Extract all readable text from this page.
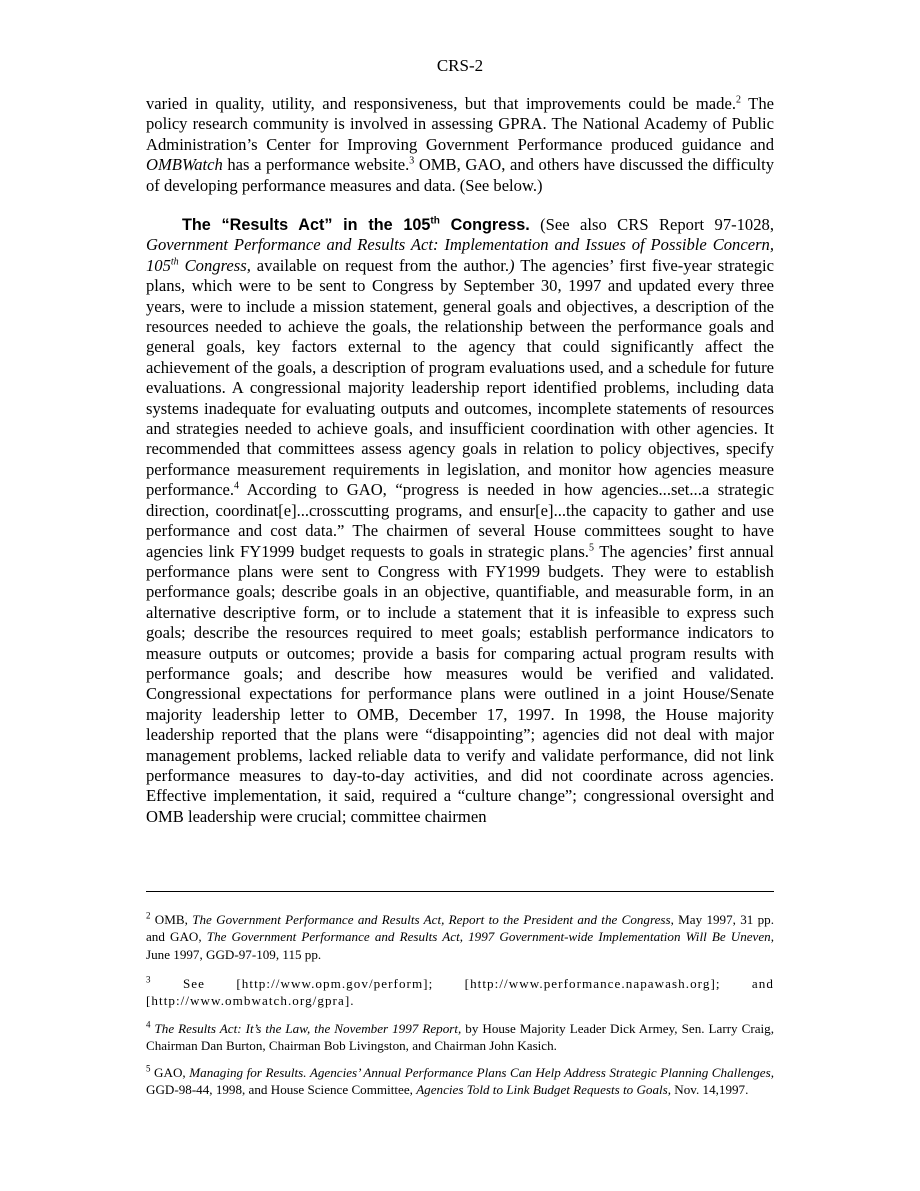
CRS-2

varied in quality, utility, and responsiveness, but that improvements could be made.$^2$ The policy research community is involved in assessing GPRA. The National Academy of Public Administration’s Center for Improving Government Performance produced guidance and OMBWatch has a performance website.$^3$ OMB, GAO, and others have discussed the difficulty of developing performance measures and data. (See below.)

The “Results Act” in the 105th Congress. (See also CRS Report 97-1028, Government Performance and Results Act: Implementation and Issues of Possible Concern, 105th Congress, available on request from the author.) The agencies’ first five-year strategic plans, which were to be sent to Congress by September 30, 1997 and updated every three years, were to include a mission statement, general goals and objectives, a description of the resources needed to achieve the goals, the relationship between the performance goals and general goals, key factors external to the agency that could significantly affect the achievement of the goals, a description of program evaluations used, and a schedule for future evaluations. A congressional majority leadership report identified problems, including data systems inadequate for evaluating outputs and outcomes, incomplete statements of resources and strategies needed to achieve goals, and insufficient coordination with other agencies. It recommended that committees assess agency goals in relation to policy objectives, specify performance measurement requirements in legislation, and monitor how agencies measure performance.$^4$ According to GAO, “progress is needed in how agencies...set...a strategic direction, coordinat[e]...crosscutting programs, and ensur[e]...the capacity to gather and use performance and cost data.” The chairmen of several House committees sought to have agencies link FY1999 budget requests to goals in strategic plans.$^5$ The agencies’ first annual performance plans were sent to Congress with FY1999 budgets. They were to establish performance goals; describe goals in an objective, quantifiable, and measurable form, in an alternative descriptive form, or to include a statement that it is infeasible to express such goals; describe the resources required to meet goals; establish performance indicators to measure outputs or outcomes; provide a basis for comparing actual program results with performance goals; and describe how measures would be verified and validated. Congressional expectations for performance plans were outlined in a joint House/Senate majority leadership letter to OMB, December 17, 1997. In 1998, the House majority leadership reported that the plans were “disappointing”; agencies did not deal with major management problems, lacked reliable data to verify and validate performance, did not link performance measures to day-to-day activities, and did not coordinate across agencies. Effective implementation, it said, required a “culture change”; congressional oversight and OMB leadership were crucial; committee chairmen

$^2$ OMB, The Government Performance and Results Act, Report to the President and the Congress, May 1997, 31 pp. and GAO, The Government Performance and Results Act, 1997 Government-wide Implementation Will Be Uneven, June 1997, GGD-97-109, 115 pp.

$^3$ See [http://www.opm.gov/perform]; [http://www.performance.napawash.org]; and [http://www.ombwatch.org/gpra].

$^4$ The Results Act: It’s the Law, the November 1997 Report, by House Majority Leader Dick Armey, Sen. Larry Craig, Chairman Dan Burton, Chairman Bob Livingston, and Chairman John Kasich.

$^5$ GAO, Managing for Results. Agencies’ Annual Performance Plans Can Help Address Strategic Planning Challenges, GGD-98-44, 1998, and House Science Committee, Agencies Told to Link Budget Requests to Goals, Nov. 14,1997.
